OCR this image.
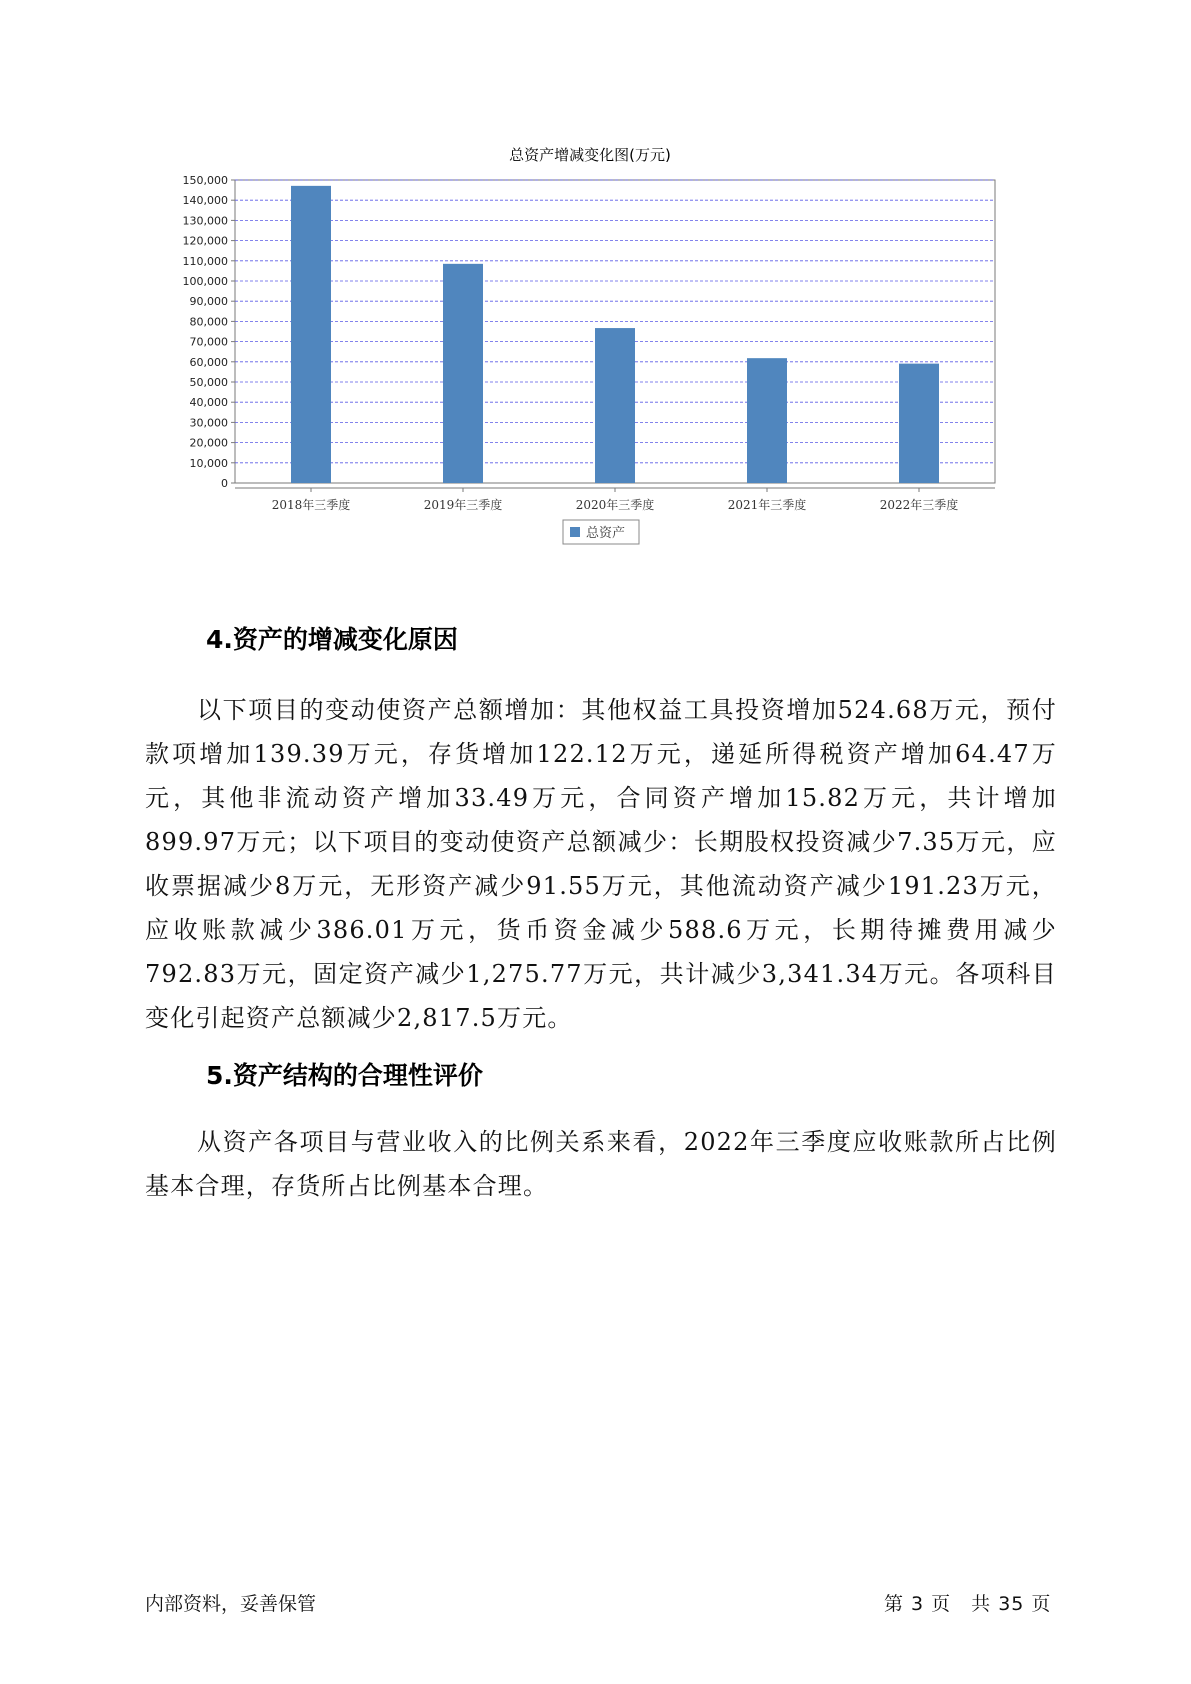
总资产增减变化图(万元)
0
10,000
20,000
30,000
40,000
50,000
60,000
70,000
80,000
90,000
100,000
110,000
120,000
130,000
140,000
150,000
2018年三季度	2019年三季度	2020年三季度	2021年三季度	2022年三季度
总资产
4.资产的增减变化原因

以下项目的变动使资产总额增加：其他权益工具投资增加524.68万元，预付款项增加139.39万元，存货增加122.12万元，递延所得税资产增加64.47万元，其他非流动资产增加33.49万元，合同资产增加15.82万元，共计增加899.97万元；以下项目的变动使资产总额减少：长期股权投资减少7.35万元，应收票据减少8万元，无形资产减少91.55万元，其他流动资产减少191.23万元，应收账款减少386.01万元，货币资金减少588.6万元，长期待摊费用减少792.83万元，固定资产减少1,275.77万元，共计减少3,341.34万元。各项科目变化引起资产总额减少2,817.5万元。

5.资产结构的合理性评价

从资产各项目与营业收入的比例关系来看，2022年三季度应收账款所占比例基本合理，存货所占比例基本合理。

内部资料，妥善保管	第 3 页　共 35 页
